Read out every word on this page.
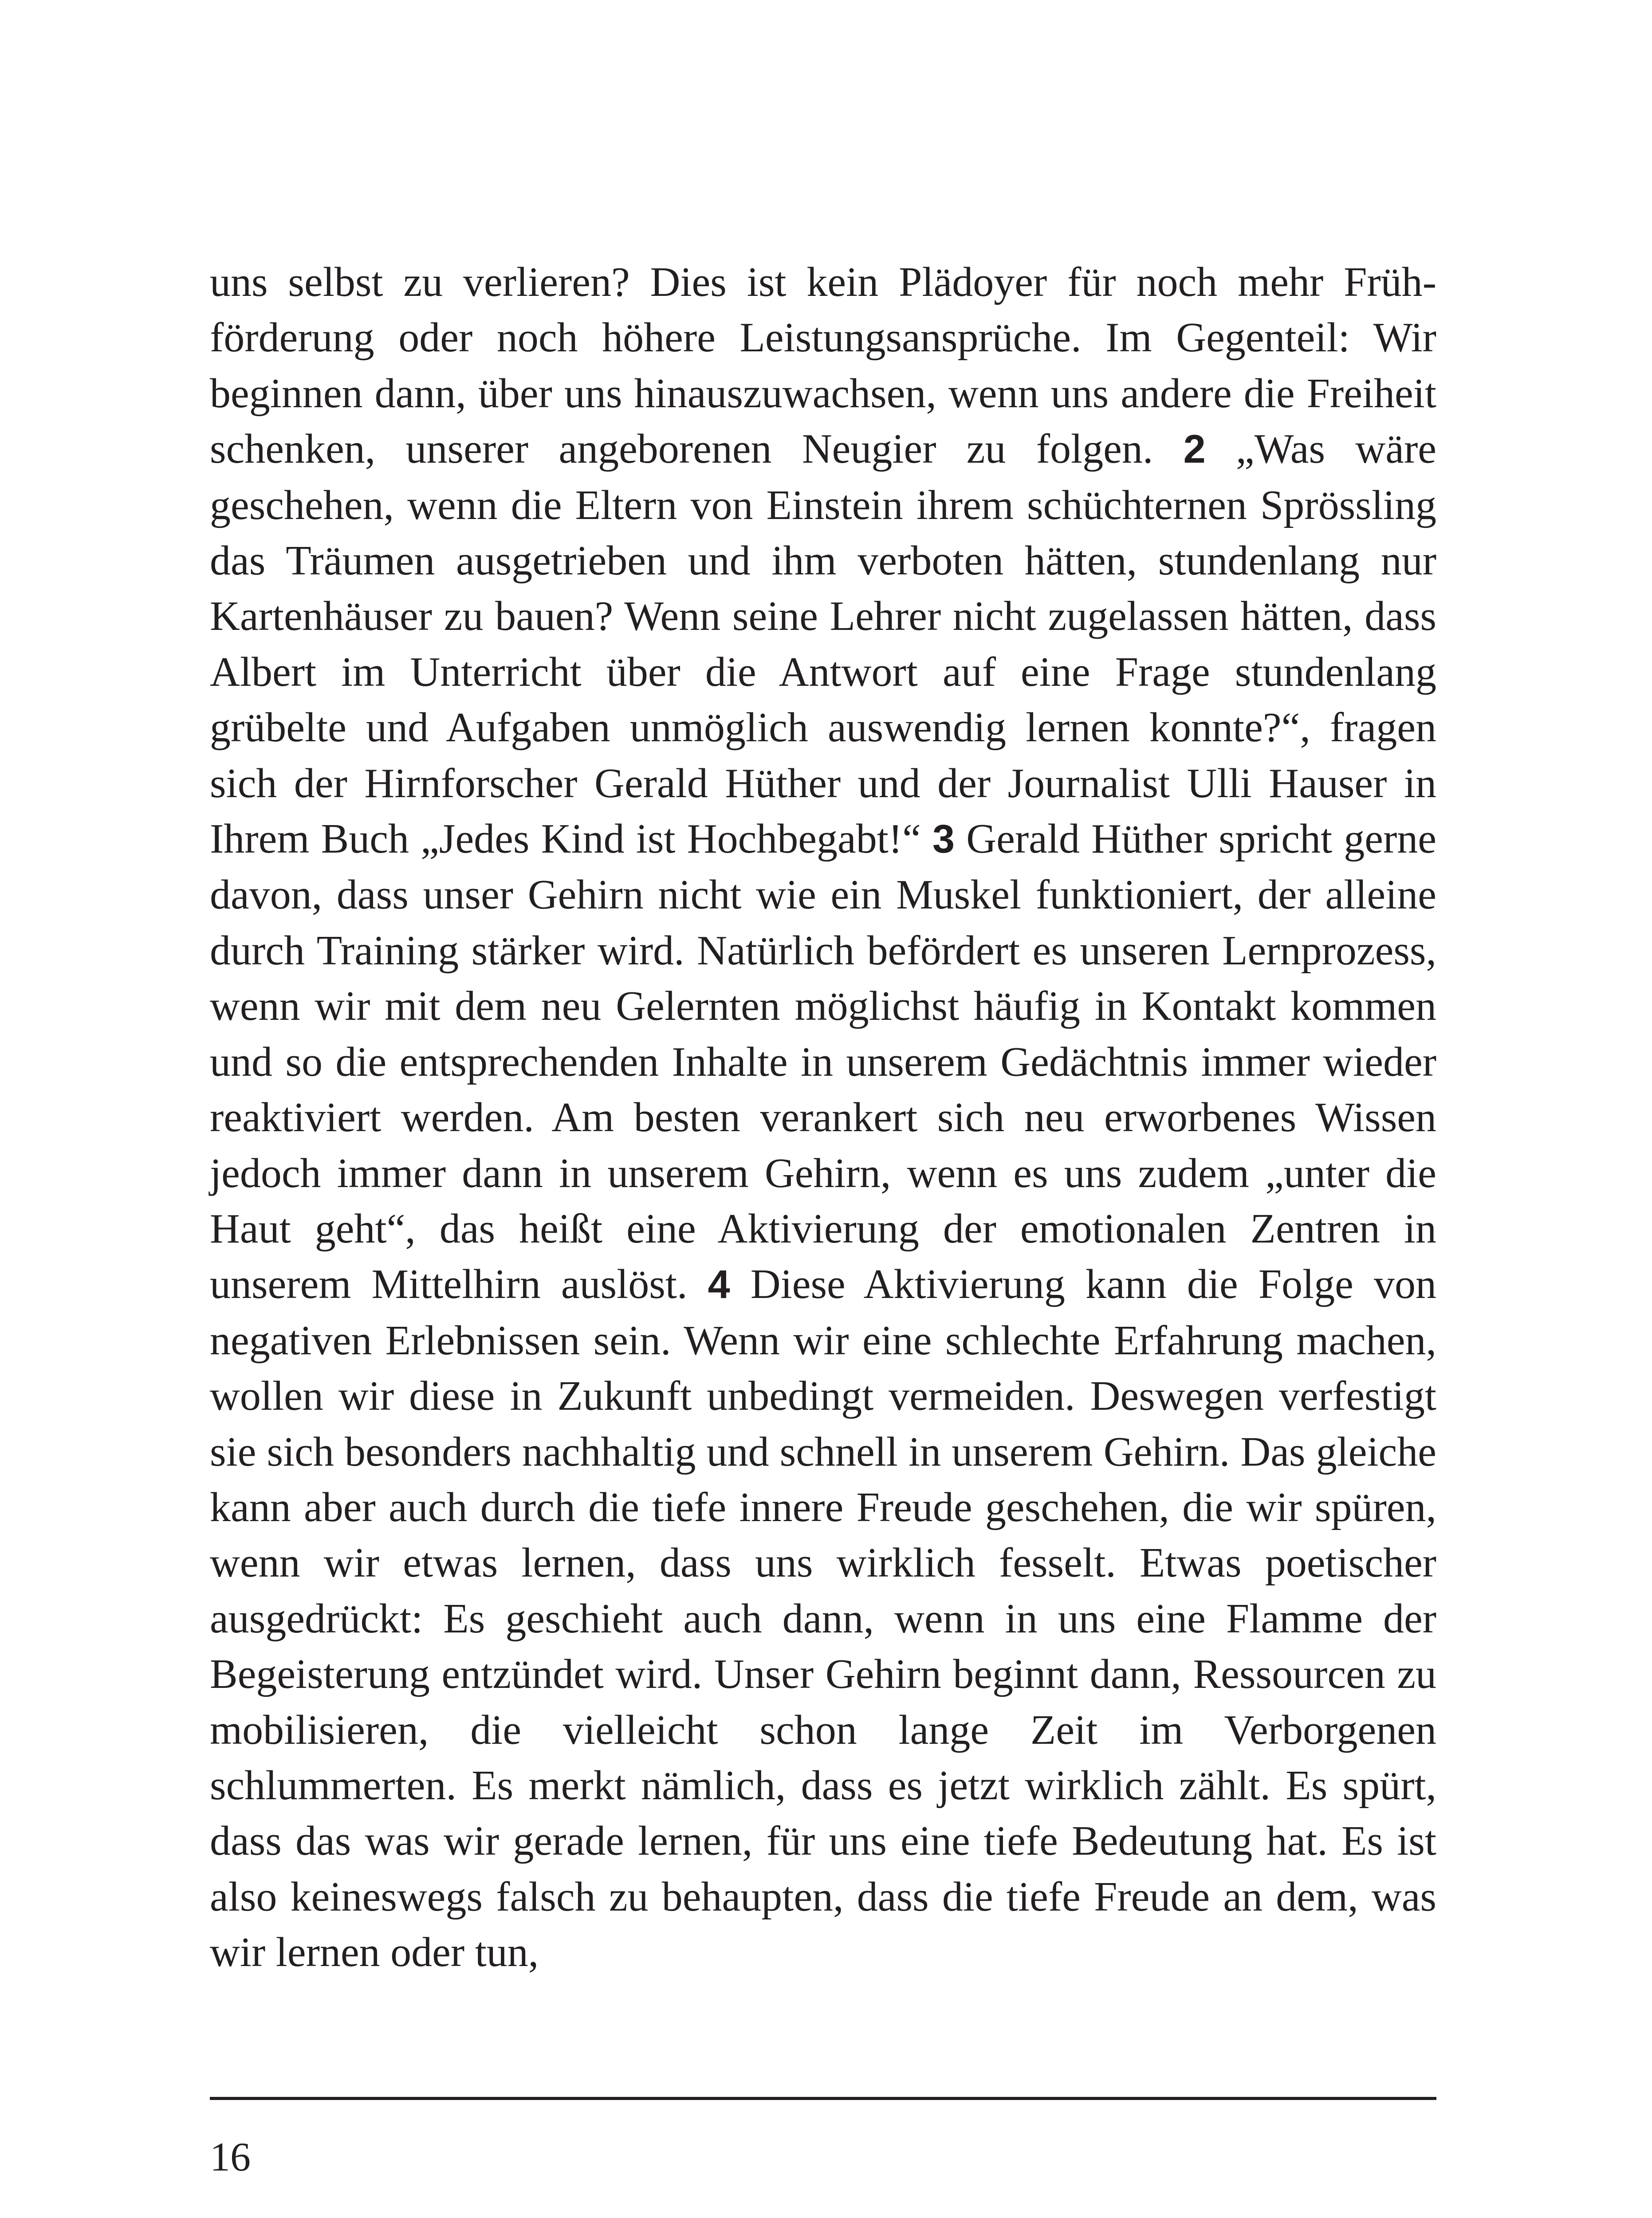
uns selbst zu verlieren? Dies ist kein Plädoyer für noch mehr Frühförderung oder noch höhere Leistungsansprüche. Im Gegenteil: Wir beginnen dann, über uns hinauszuwachsen, wenn uns andere die Freiheit schenken, unserer angeborenen Neugier zu folgen. 2 „Was wäre geschehen, wenn die Eltern von Einstein ihrem schüchternen Sprössling das Träumen ausgetrieben und ihm verboten hätten, stundenlang nur Kartenhäuser zu bauen? Wenn seine Lehrer nicht zugelassen hätten, dass Albert im Unterricht über die Antwort auf eine Frage stundenlang grübelte und Aufgaben unmöglich auswendig lernen konnte?“, fragen sich der Hirnforscher Gerald Hüther und der Journalist Ulli Hauser in Ihrem Buch „Jedes Kind ist Hochbegabt!“ 3 Gerald Hüther spricht gerne davon, dass unser Gehirn nicht wie ein Muskel funktioniert, der alleine durch Training stärker wird. Natürlich befördert es unseren Lernprozess, wenn wir mit dem neu Gelernten möglichst häufig in Kontakt kommen und so die entsprechenden Inhalte in unserem Gedächtnis immer wieder reaktiviert werden. Am besten verankert sich neu erworbenes Wissen jedoch immer dann in unserem Gehirn, wenn es uns zudem „unter die Haut geht“, das heißt eine Aktivierung der emotionalen Zentren in unserem Mittelhirn auslöst. 4 Diese Aktivierung kann die Folge von negativen Erlebnissen sein. Wenn wir eine schlechte Erfahrung machen, wollen wir diese in Zukunft unbedingt vermeiden. Deswegen verfestigt sie sich besonders nachhaltig und schnell in unserem Gehirn. Das gleiche kann aber auch durch die tiefe innere Freude geschehen, die wir spüren, wenn wir etwas lernen, dass uns wirklich fesselt. Etwas poetischer ausgedrückt: Es geschieht auch dann, wenn in uns eine Flamme der Begeisterung entzündet wird. Unser Gehirn beginnt dann, Ressourcen zu mobilisieren, die vielleicht schon lange Zeit im Verborgenen schlummerten. Es merkt nämlich, dass es jetzt wirklich zählt. Es spürt, dass das was wir gerade lernen, für uns eine tiefe Bedeutung hat. Es ist also keineswegs falsch zu behaupten, dass die tiefe Freude an dem, was wir lernen oder tun,

16
